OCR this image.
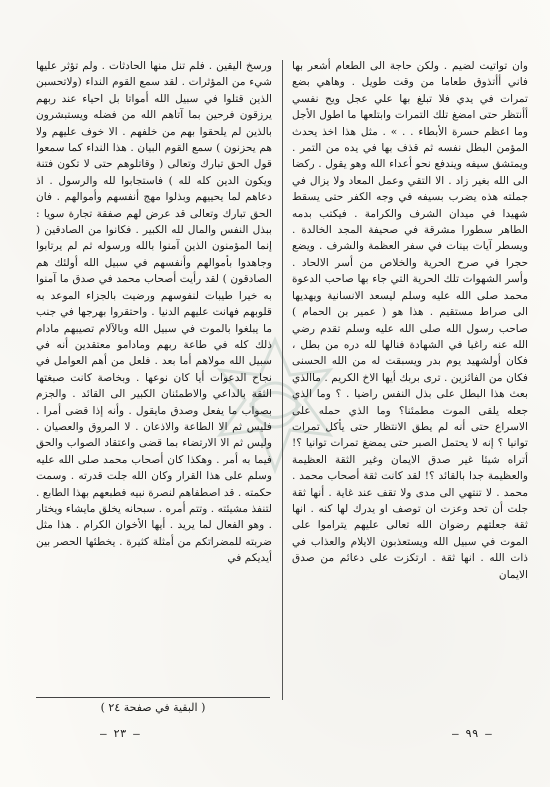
وان تواتيت لضيم . ولكن حاجة الى الطعام أشعر بها فاني أأتذوق طعاما من وقت طويل . وهاهي بضع تمرات في يدي فلا تبلغ بها علي عجل ويح نفسي أأنتظر حتى امضغ تلك التمرات وابتلعها ما اطول الأجل وما اعظم حسرة الأبطاء . . » . مثل هذا اخذ يحدث المؤمن البطل نفسه ثم قذف بها في يده من التمر . ويمتشق سيفه ويندفع نحو أعداء الله وهو يقول . ركضا الى الله بغير زاد . الا التقي وعمل المعاد ولا يزال في جملته هذه يضرب بسيفه في وجه الكفر حتى يسقط شهيدا في ميدان الشرف والكرامة . فيكتب بدمه الطاهر سطورا مشرقة في صحيفة المجد الخالدة . ويسطر آيات بينات في سفر العظمة والشرف . ويضع حجرا في صرح الحرية والخلاص من أسر الالحاد . وأسر الشهوات تلك الحرية التي جاء بها صاحب الدعوة محمد صلى الله عليه وسلم ليسعد الانسانية ويهديها الى صراط مستقيم . هذا هو ( عمير بن الحمام ) صاحب رسول الله صلى الله عليه وسلم تقدم رضي الله عنه راغبا في الشهادة فنالها لله دره من بطل ، فكان أولشهيد يوم بدر ويسبقت له من الله الحسنى فكان من الفائزين . ترى بربك أيها الاخ الكريم . ماالذي بعث هذا البطل على بذل النفس راضيا . ؟ وما الذي جعله يلقى الموت مطمئنا؟ وما الذي حمله على الاسراع حتى أنه لم يطق الانتظار حتى يأكل تمرات توانيا ؟ إنه لا يحتمل الصبر حتى يمضغ تمرات توانيا ؟! أتراه شيئا غير صدق الايمان وغير الثقة العظيمة والعظيمة جدا بالقائد ؟! لقد كانت ثقة أصحاب محمد . محمد . لا تنتهي الى مدى ولا تقف عند غاية . أنها ثقة جلت أن تحد وعزت ان توصف او يدرك لها كنه . انها ثقة جعلتهم رضوان الله تعالى عليهم يتراموا على الموت في سبيل الله ويستعذبون الايلام والعذاب في ذات الله . انها ثقة . ارتكزت على دعائم من صدق الايمان

ورسخ اليقين . فلم تنل منها الحادثات . ولم تؤثر عليها شيء من المؤثرات . لقد سمع القوم النداء (ولاتحسبن الذين قتلوا في سبيل الله أمواتا بل احياء عند ربهم يرزقون فرحين بما آتاهم الله من فضله ويستبشرون بالذين لم يلحقوا بهم من خلفهم . الا خوف عليهم ولا هم يحزنون ) سمع القوم البيان . هذا النداء كما سمعوا قول الحق تبارك وتعالى ( وقاتلوهم حتى لا تكون فتنة ويكون الدين كله لله ) فاستجابوا لله والرسول . اذ دعاهم لما يحييهم وبذلوا مهج أنفسهم وأموالهم . فان الحق تبارك وتعالى قد عرض لهم صفقة تجارة سويا : ببذل النفس والمال لله الكبير . فكانوا من الصادقين ( إنما المؤمنون الذين آمنوا بالله ورسوله ثم لم يرتابوا وجاهدوا بأموالهم وأنفسهم في سبيل الله أولئك هم الصادقون ) لقد رأيت أصحاب محمد في صدق ما آمنوا به خيرا طيبات لنفوسهم ورضيت بالجزاء الموعد به قلوبهم فهانت عليهم الدنيا . واحتقروا بهرجها في جنب ما يبلغوا بالموت في سبيل الله وبالآلام تصيبهم مادام ذلك كله في طاعة ربهم ومادامو معتقدين أنه في سبيل الله مولاهم أما بعد . فلعل من أهم العوامل في نجاح الدعوات أيا كان نوعها . وبخاصة كانت صبغتها الثقة بالداعي والاطمئنان الكبير الى القائد . والجزم بصواب ما يفعل وصدق مايقول . وأنه إذا قضى أمرا . فليس ثم الا الطاعة والاذعان . لا المروق والعصيان . وليس ثم الا الارتضاء بما قضى واعتقاد الصواب والحق فيما به أمر . وهكذا كان أصحاب محمد صلى الله عليه وسلم على هذا القرار وكان الله جلت قدرته . وسمت حكمته . قد اصطفاهم لنصرة نبيه فطبعهم بهذا الطابع . لتنفذ مشيئته . وتتم أمره . سبحانه يخلق مايشاء ويختار . وهو الفعال لما يريد . أيها الأخوان الكرام . هذا مثل ضربته للمضراتكم من أمثلة كثيرة . يخطئها الحصر بين أيديكم في

( البقية في صفحة ٢٤ )
— ٢٣ —	— ٩٩ —
